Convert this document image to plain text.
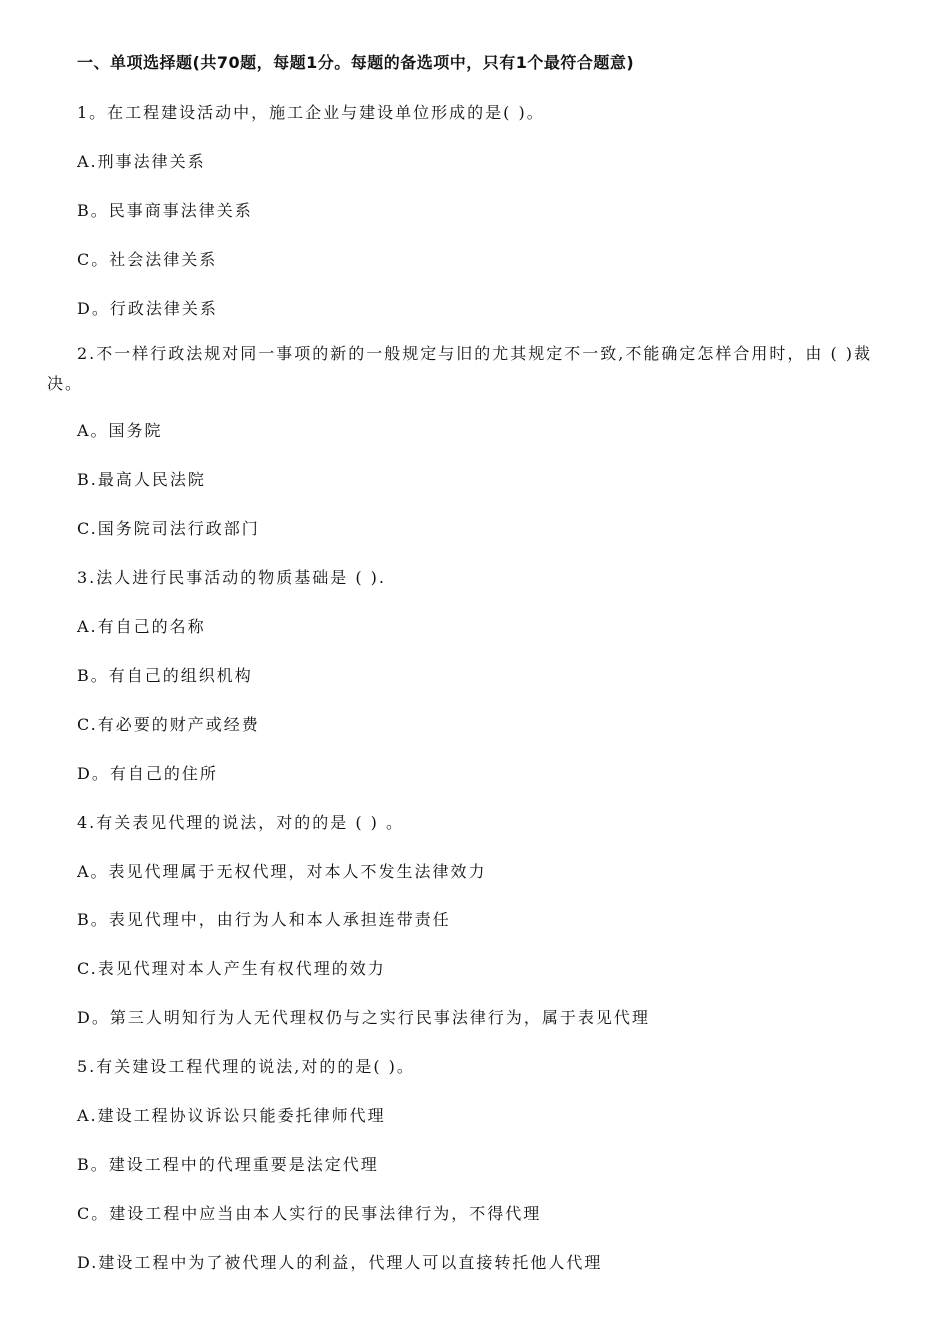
一、单项选择题(共70题，每题1分。每题的备选项中，只有1个最符合题意)
1。在工程建设活动中，施工企业与建设单位形成的是( )。
A.刑事法律关系
B。民事商事法律关系
C。社会法律关系
D。行政法律关系
2.不一样行政法规对同一事项的新的一般规定与旧的尤其规定不一致,不能确定怎样合用时，由 ( )裁
决。
A。国务院
B.最高人民法院
C.国务院司法行政部门
3.法人进行民事活动的物质基础是 ( ).
A.有自己的名称
B。有自己的组织机构
C.有必要的财产或经费
D。有自己的住所
4.有关表见代理的说法，对的的是 ( ) 。
A。表见代理属于无权代理，对本人不发生法律效力
B。表见代理中，由行为人和本人承担连带责任
C.表见代理对本人产生有权代理的效力
D。第三人明知行为人无代理权仍与之实行民事法律行为，属于表见代理
5.有关建设工程代理的说法,对的的是( )。
A.建设工程协议诉讼只能委托律师代理
B。建设工程中的代理重要是法定代理
C。建设工程中应当由本人实行的民事法律行为，不得代理
D.建设工程中为了被代理人的利益，代理人可以直接转托他人代理
